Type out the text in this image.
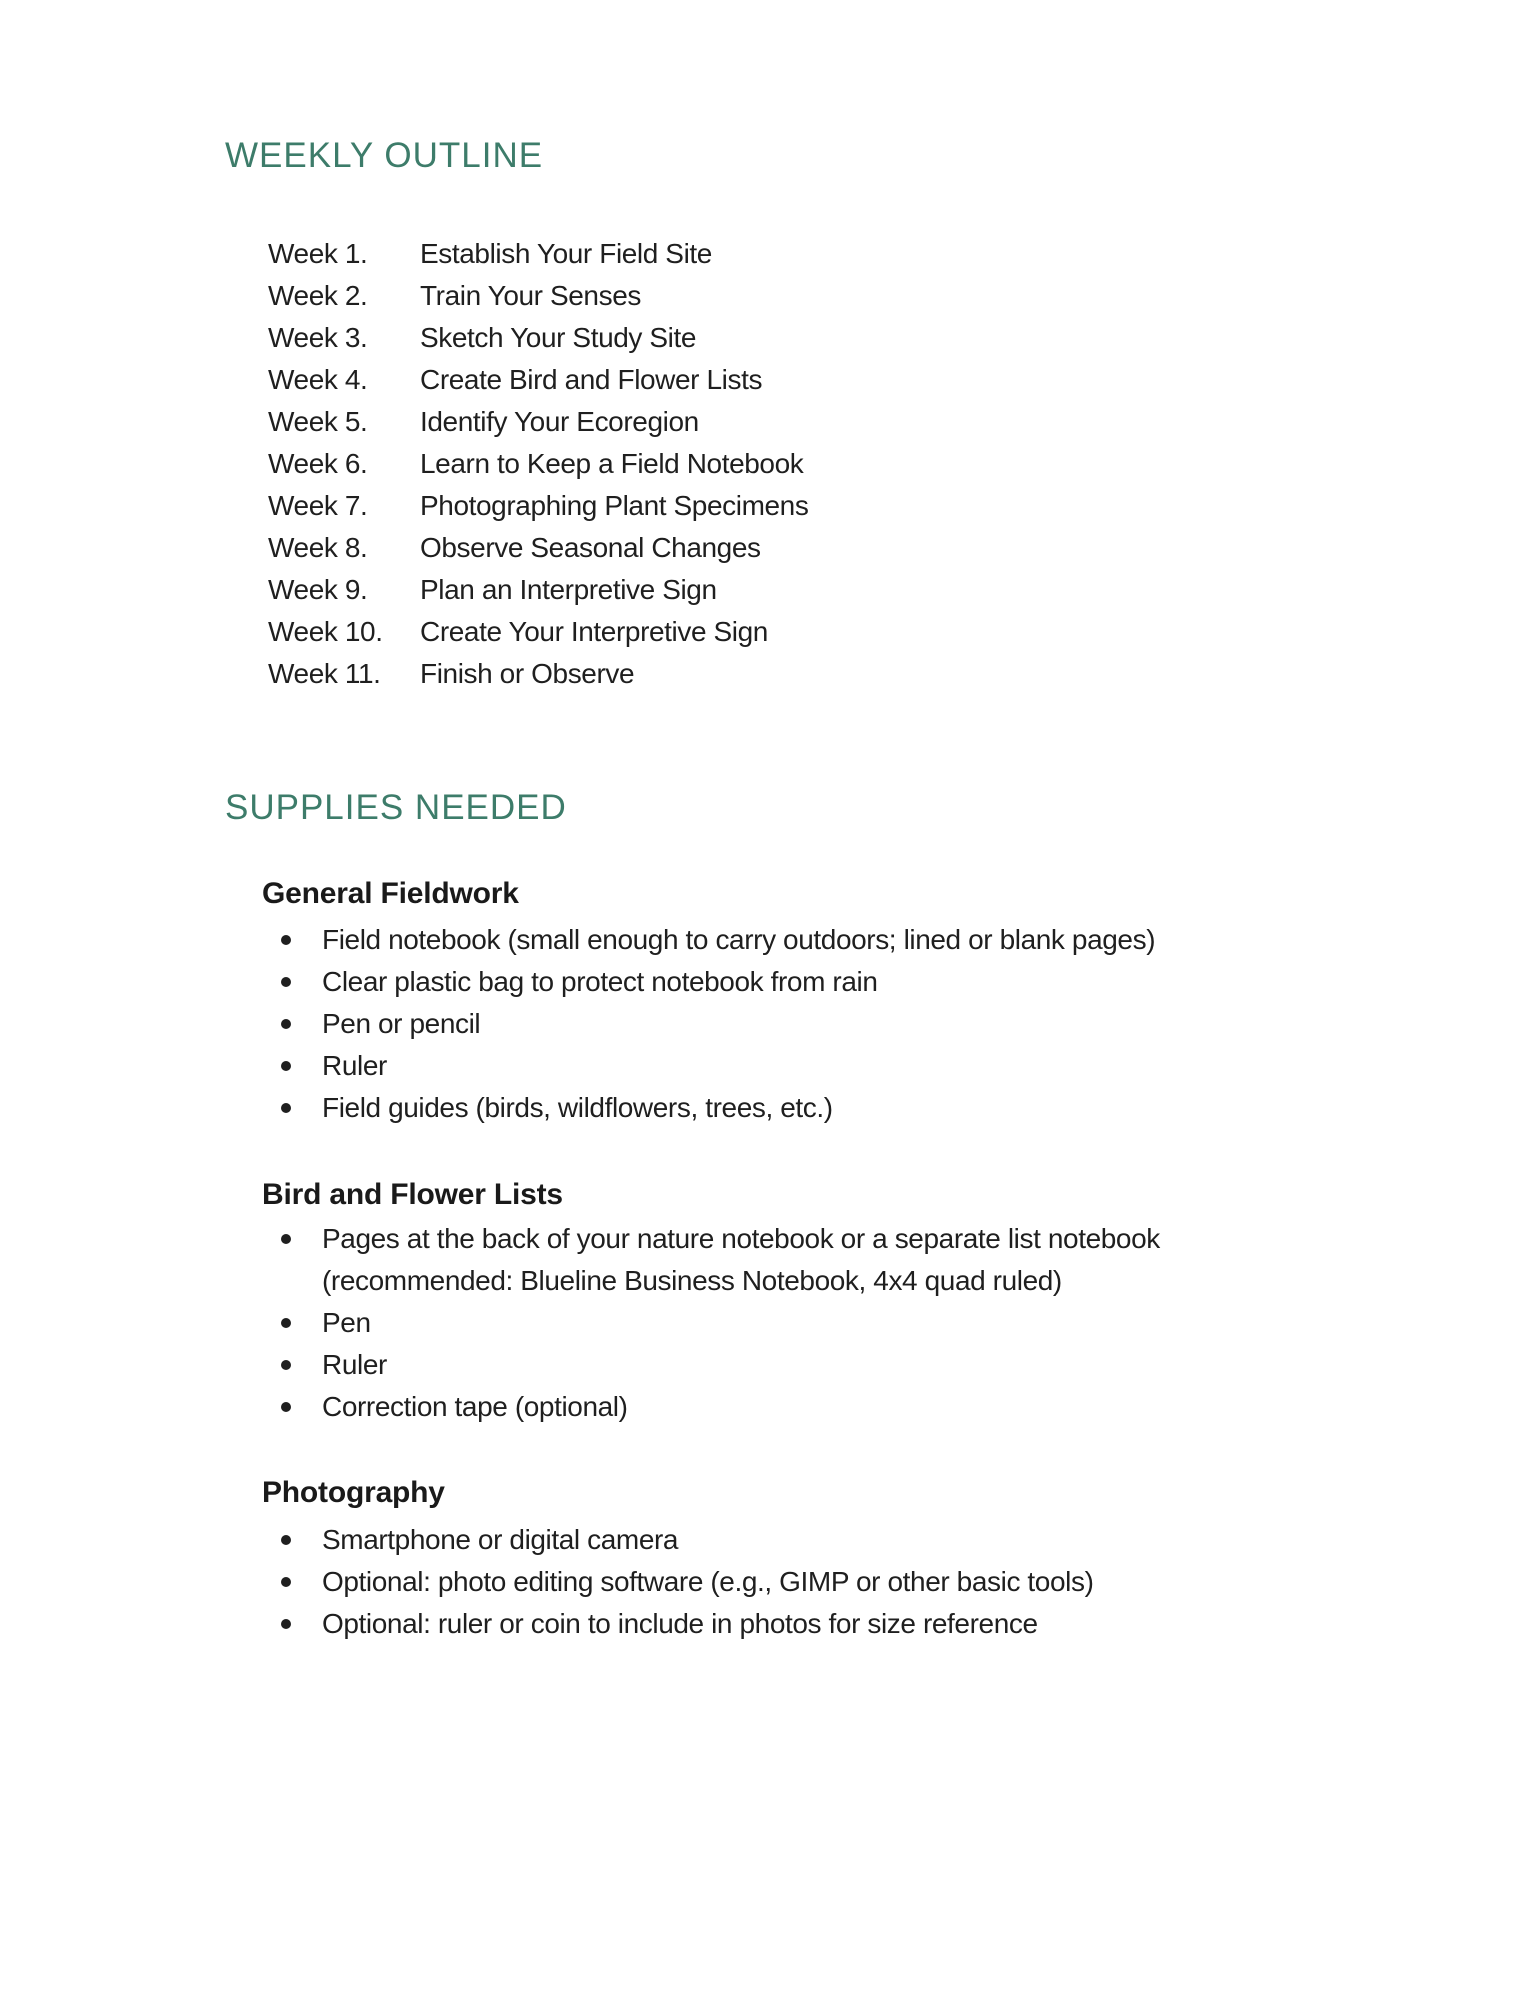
WEEKLY OUTLINE
Week 1.	Establish Your Field Site
Week 2.	Train Your Senses
Week 3.	Sketch Your Study Site
Week 4.	Create Bird and Flower Lists
Week 5.	Identify Your Ecoregion
Week 6.	Learn to Keep a Field Notebook
Week 7.	Photographing Plant Specimens
Week 8.	Observe Seasonal Changes
Week 9.	Plan an Interpretive Sign
Week 10.	Create Your Interpretive Sign
Week 11.	Finish or Observe
SUPPLIES NEEDED
General Fieldwork
Field notebook (small enough to carry outdoors; lined or blank pages)
Clear plastic bag to protect notebook from rain
Pen or pencil
Ruler
Field guides (birds, wildflowers, trees, etc.)
Bird and Flower Lists
Pages at the back of your nature notebook or a separate list notebook (recommended: Blueline Business Notebook, 4x4 quad ruled)
Pen
Ruler
Correction tape (optional)
Photography
Smartphone or digital camera
Optional: photo editing software (e.g., GIMP or other basic tools)
Optional: ruler or coin to include in photos for size reference
